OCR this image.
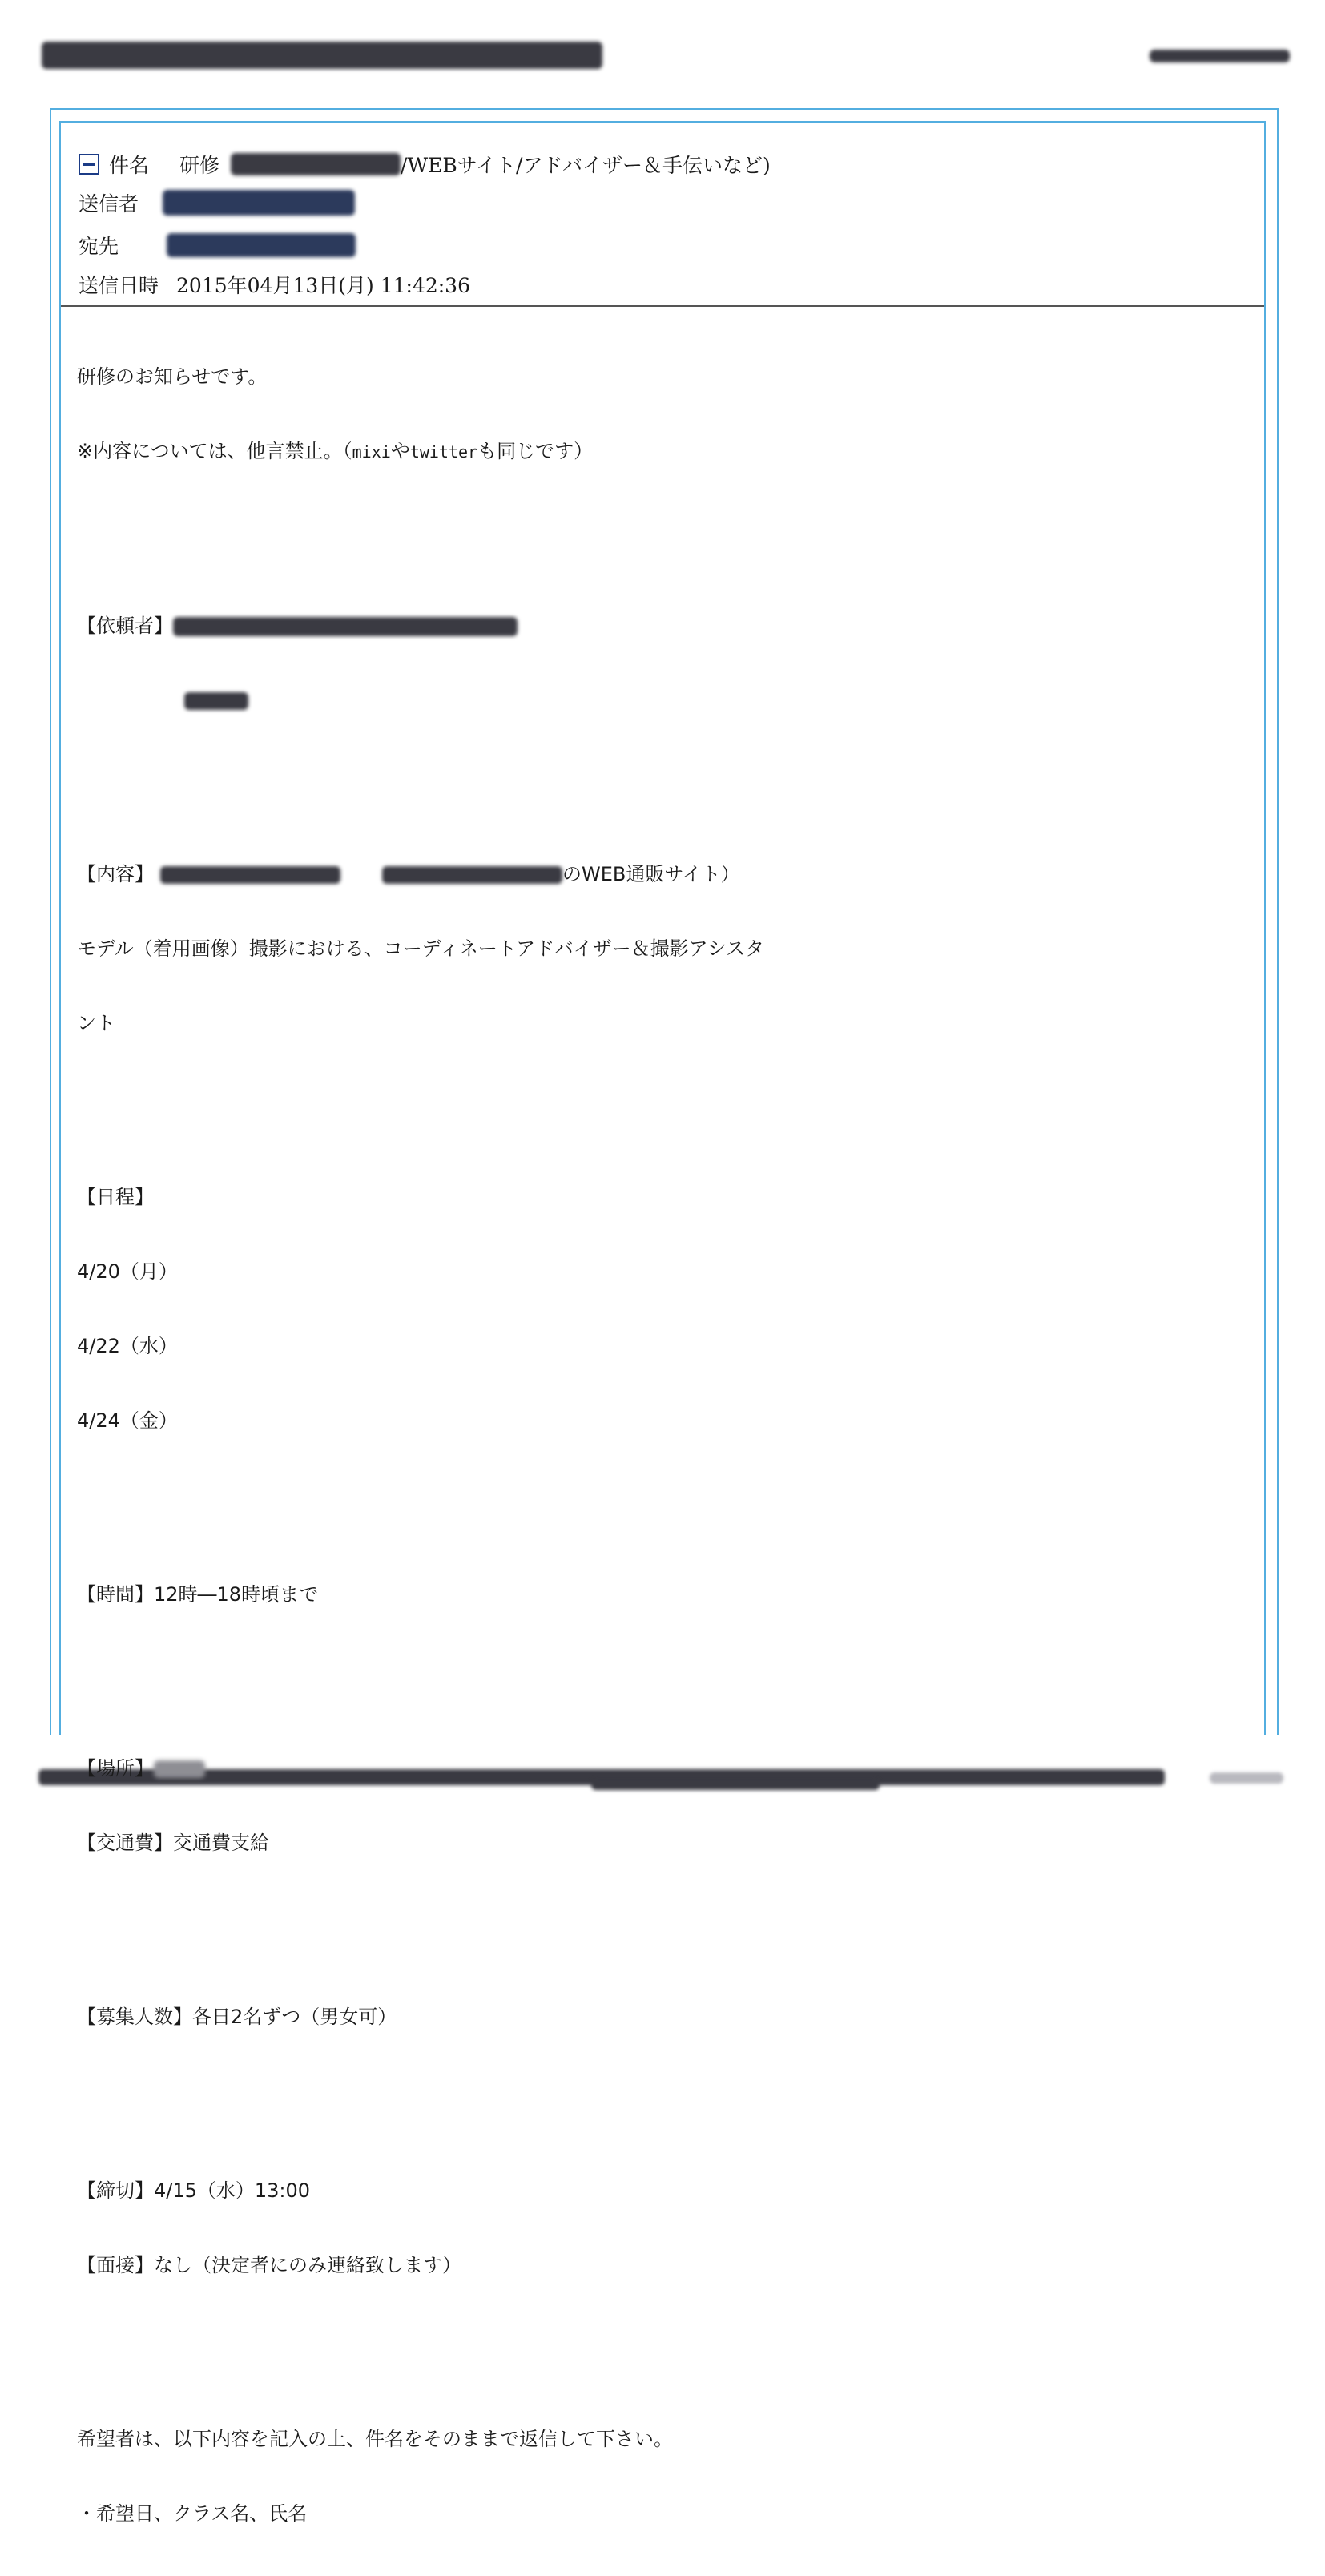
件名 研修	/WEBサイト/アドバイザー＆手伝いなど)
送信者
宛先
送信日時 2015年04月13日(月) 11:42:36

研修のお知らせです。

※内容については、他言禁止。（mixiやtwitterも同じです）

【依頼者】

【内容】	のWEB通販サイト）

モデル（着用画像）撮影における、コーディネートアドバイザー＆撮影アシスタ

ント

【日程】

4/20（月）

4/22（水）

4/24（金）

【時間】12時―18時頃まで

【場所】

【交通費】交通費支給

【募集人数】各日2名ずつ（男女可）

【締切】4/15（水）13:00

【面接】なし（決定者にのみ連絡致します）

希望者は、以下内容を記入の上、件名をそのままで返信して下さい。

・希望日、クラス名、氏名
